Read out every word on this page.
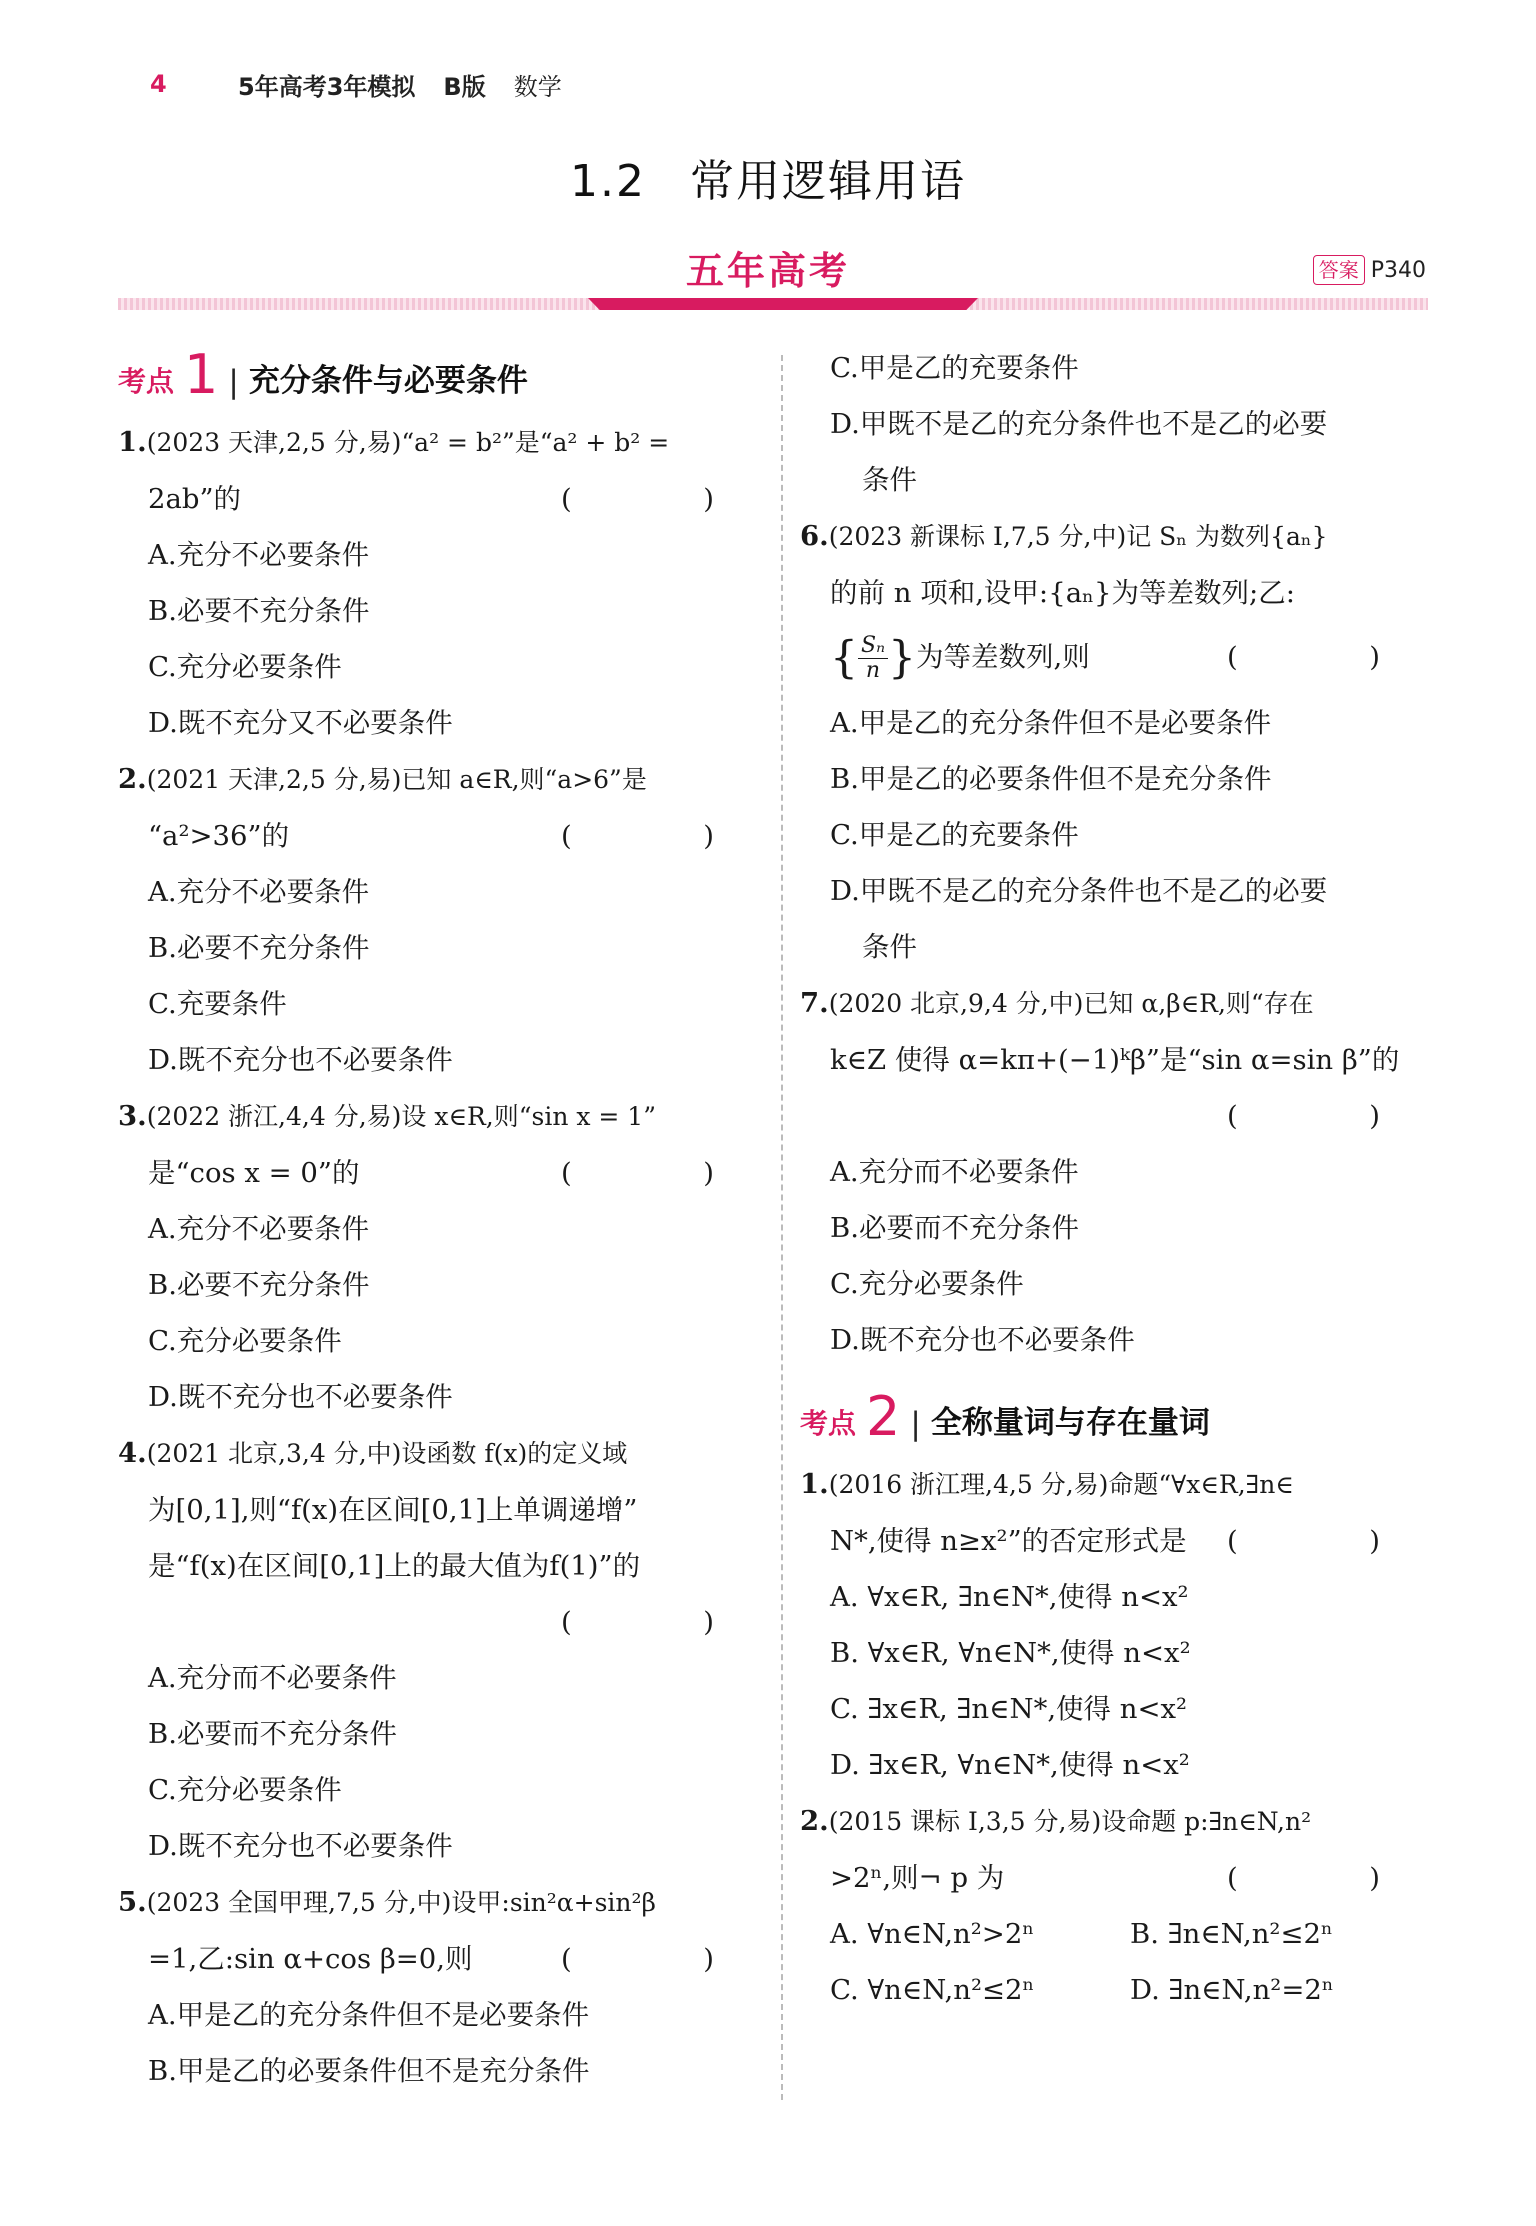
4	5年高考3年模拟 B版 数学
1.2 常用逻辑用语
五年高考	答案 P340
考点 1 | 充分条件与必要条件
1.(2023 天津,2,5 分,易)“a² = b²”是“a² + b² =
2ab”的	(　)
A.充分不必要条件
B.必要不充分条件
C.充分必要条件
D.既不充分又不必要条件
2.(2021 天津,2,5 分,易)已知 a∈R,则“a>6”是
“a²>36”的	(　)
A.充分不必要条件
B.必要不充分条件
C.充要条件
D.既不充分也不必要条件
3.(2022 浙江,4,4 分,易)设 x∈R,则“sin x = 1”
是“cos x = 0”的	(　)
A.充分不必要条件
B.必要不充分条件
C.充分必要条件
D.既不充分也不必要条件
4.(2021 北京,3,4 分,中)设函数 f(x)的定义域
为[0,1],则“f(x)在区间[0,1]上单调递增”
是“f(x)在区间[0,1]上的最大值为f(1)”的
(　)

A.充分而不必要条件
B.必要而不充分条件
C.充分必要条件
D.既不充分也不必要条件
5.(2023 全国甲理,7,5 分,中)设甲:sin²α+sin²β
=1,乙:sin α+cos β=0,则	(　)
A.甲是乙的充分条件但不是必要条件
B.甲是乙的必要条件但不是充分条件
C.甲是乙的充要条件
D.甲既不是乙的充分条件也不是乙的必要
条件
6.(2023 新课标 Ⅰ,7,5 分,中)记 Sₙ 为数列{aₙ}
的前 n 项和,设甲:{aₙ}为等差数列;乙:
{ $\frac{\text{Sₙ}}{n}$ }为等差数列,则	(　)
A.甲是乙的充分条件但不是必要条件
B.甲是乙的必要条件但不是充分条件
C.甲是乙的充要条件
D.甲既不是乙的充分条件也不是乙的必要
条件
7.(2020 北京,9,4 分,中)已知 α,β∈R,则“存在
k∈Z 使得 α=kπ+(−1)ᵏβ”是“sin α=sin β”的
(　)

A.充分而不必要条件
B.必要而不充分条件
C.充分必要条件
D.既不充分也不必要条件
考点 2 | 全称量词与存在量词
1.(2016 浙江理,4,5 分,易)命题“∀x∈R,∃n∈
N*,使得 n≥x²”的否定形式是 (　)
A. ∀x∈R, ∃n∈N*,使得 n<x²
B. ∀x∈R, ∀n∈N*,使得 n<x²
C. ∃x∈R, ∃n∈N*,使得 n<x²
D. ∃x∈R, ∀n∈N*,使得 n<x²
2.(2015 课标 Ⅰ,3,5 分,易)设命题 p:∃n∈N,n²
>2ⁿ,则¬ p 为	(　)
A. ∀n∈N,n²>2ⁿ	B. ∃n∈N,n²≤2ⁿ
C. ∀n∈N,n²≤2ⁿ	D. ∃n∈N,n²=2ⁿ
